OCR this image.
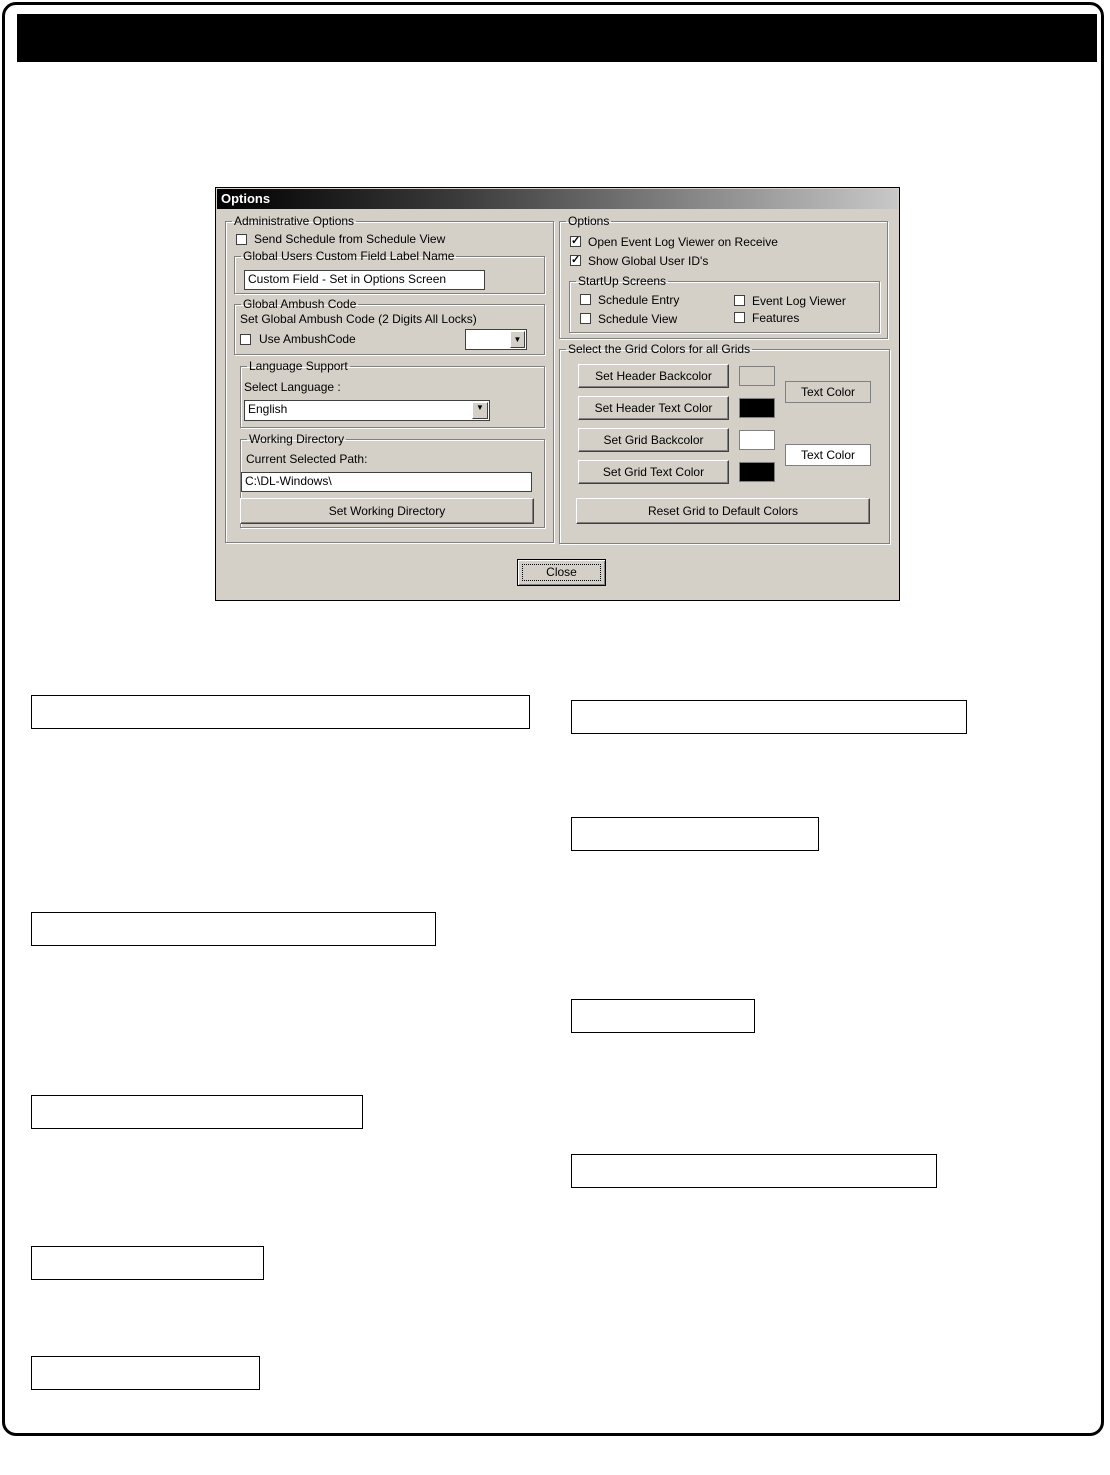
Options
Administrative Options
Send Schedule from Schedule View
Global Users Custom Field Label Name
Custom Field - Set in Options Screen
Global Ambush Code
Set Global Ambush Code (2 Digits All Locks)
Use AmbushCode	▼
Language Support
Select Language :
English	▼
Working Directory
Current Selected Path:
C:\DL-Windows\
Set Working Directory
Options
✓ Open Event Log Viewer on Receive
✓ Show Global User ID's
StartUp Screens
Schedule Entry
Schedule View
Event Log Viewer
Features
Select the Grid Colors for all Grids
Set Header Backcolor
Set Header Text Color
Set Grid Backcolor
Set Grid Text Color
Text Color
Text Color
Reset Grid to Default Colors
Close
